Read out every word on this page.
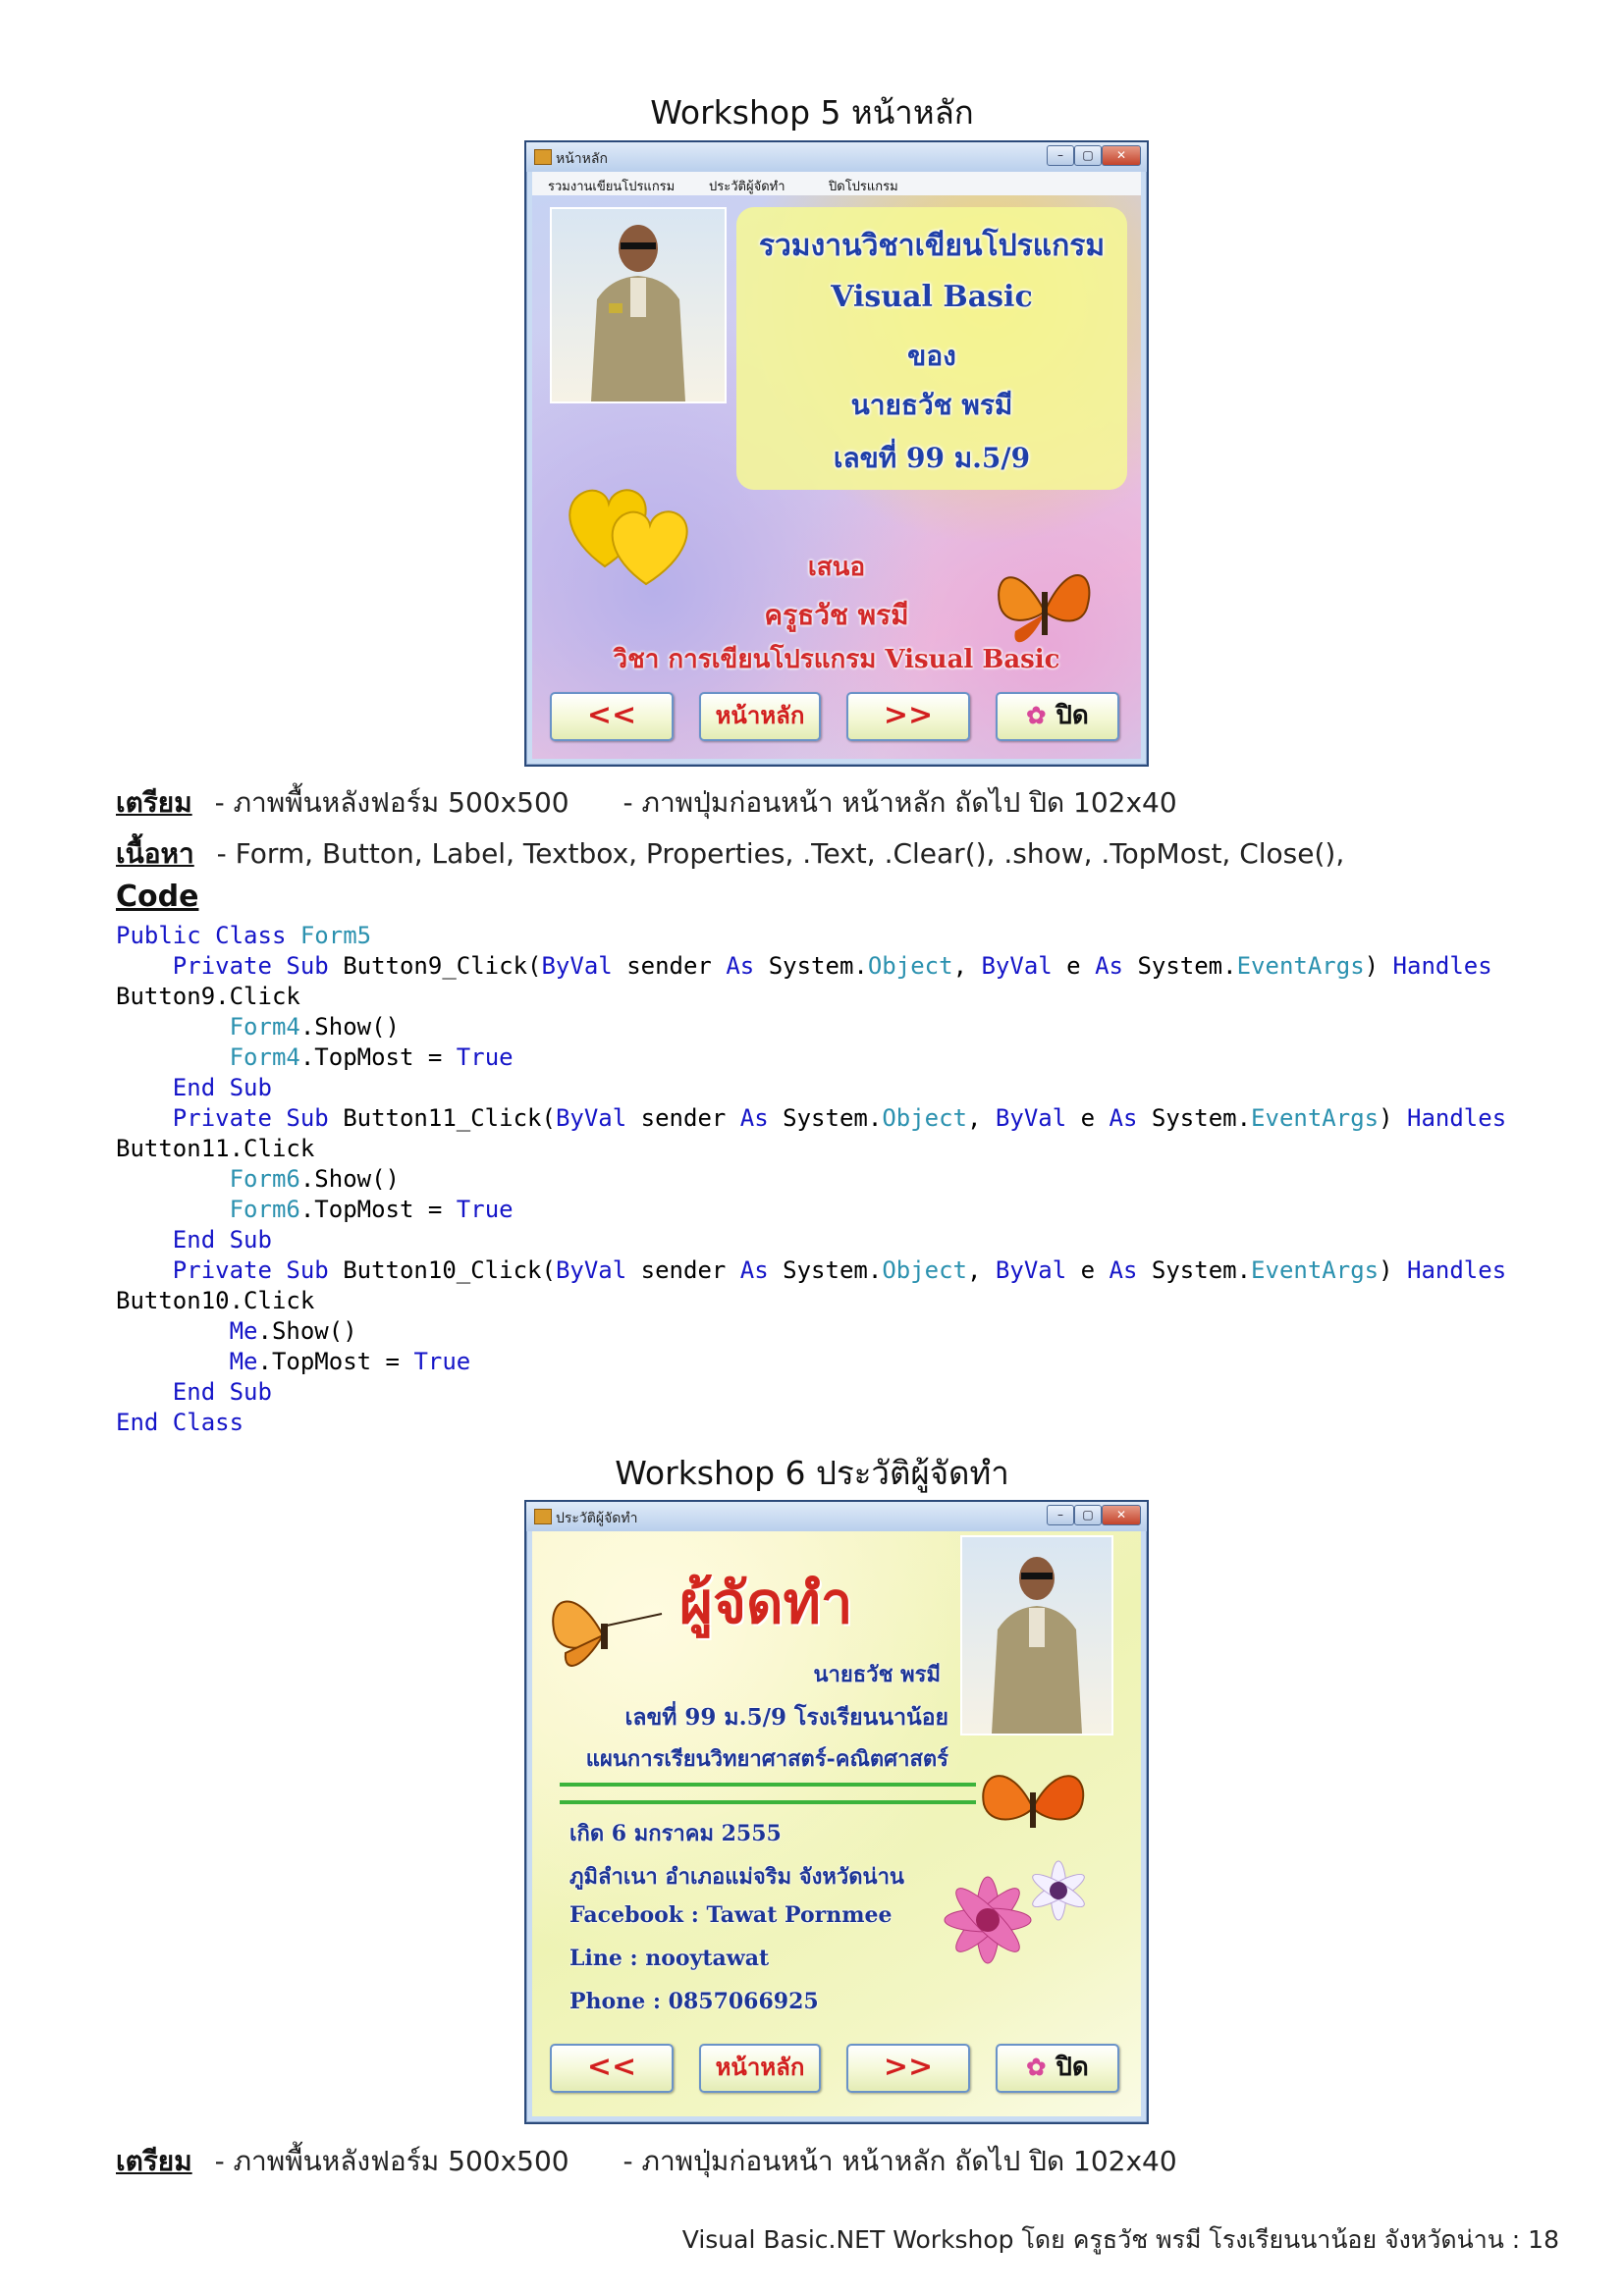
Workshop 5 หน้าหลัก
หน้าหลัก	–	▢	✕
รวมงานเขียนโปรแกรม	ประวัติผู้จัดทำ	ปิดโปรแกรม
รวมงานวิชาเขียนโปรแกรม
Visual Basic
ของ
นายธวัช พรมี
เลขที่ 99 ม.5/9
เสนอ
ครูธวัช พรมี
วิชา การเขียนโปรแกรม Visual Basic
<<	หน้าหลัก	>>	✿ ปิด
เตรียม - ภาพพื้นหลังฟอร์ม 500x500 - ภาพปุ่มก่อนหน้า หน้าหลัก ถัดไป ปิด 102x40
เนื้อหา - Form, Button, Label, Textbox, Properties, .Text, .Clear(), .show, .TopMost, Close(),
Code
Public Class Form5
Private Sub Button9_Click(ByVal sender As System.Object, ByVal e As System.EventArgs) Handles
Button9.Click
Form4.Show()
Form4.TopMost = True
End Sub
Private Sub Button11_Click(ByVal sender As System.Object, ByVal e As System.EventArgs) Handles
Button11.Click
Form6.Show()
Form6.TopMost = True
End Sub
Private Sub Button10_Click(ByVal sender As System.Object, ByVal e As System.EventArgs) Handles
Button10.Click
Me.Show()
Me.TopMost = True
End Sub
End Class
Workshop 6 ประวัติผู้จัดทำ
ประวัติผู้จัดทำ	–	▢	✕
ผู้จัดทำ
นายธวัช พรมี
เลขที่ 99 ม.5/9 โรงเรียนนาน้อย
แผนการเรียนวิทยาศาสตร์-คณิตศาสตร์
เกิด 6 มกราคม 2555
ภูมิลำเนา อำเภอแม่จริม จังหวัดน่าน
Facebook : Tawat Pornmee
Line : nooytawat
Phone : 0857066925
<<	หน้าหลัก	>>	✿ ปิด
เตรียม - ภาพพื้นหลังฟอร์ม 500x500 - ภาพปุ่มก่อนหน้า หน้าหลัก ถัดไป ปิด 102x40
Visual Basic.NET Workshop โดย ครูธวัช พรมี โรงเรียนนาน้อย จังหวัดน่าน : 18
